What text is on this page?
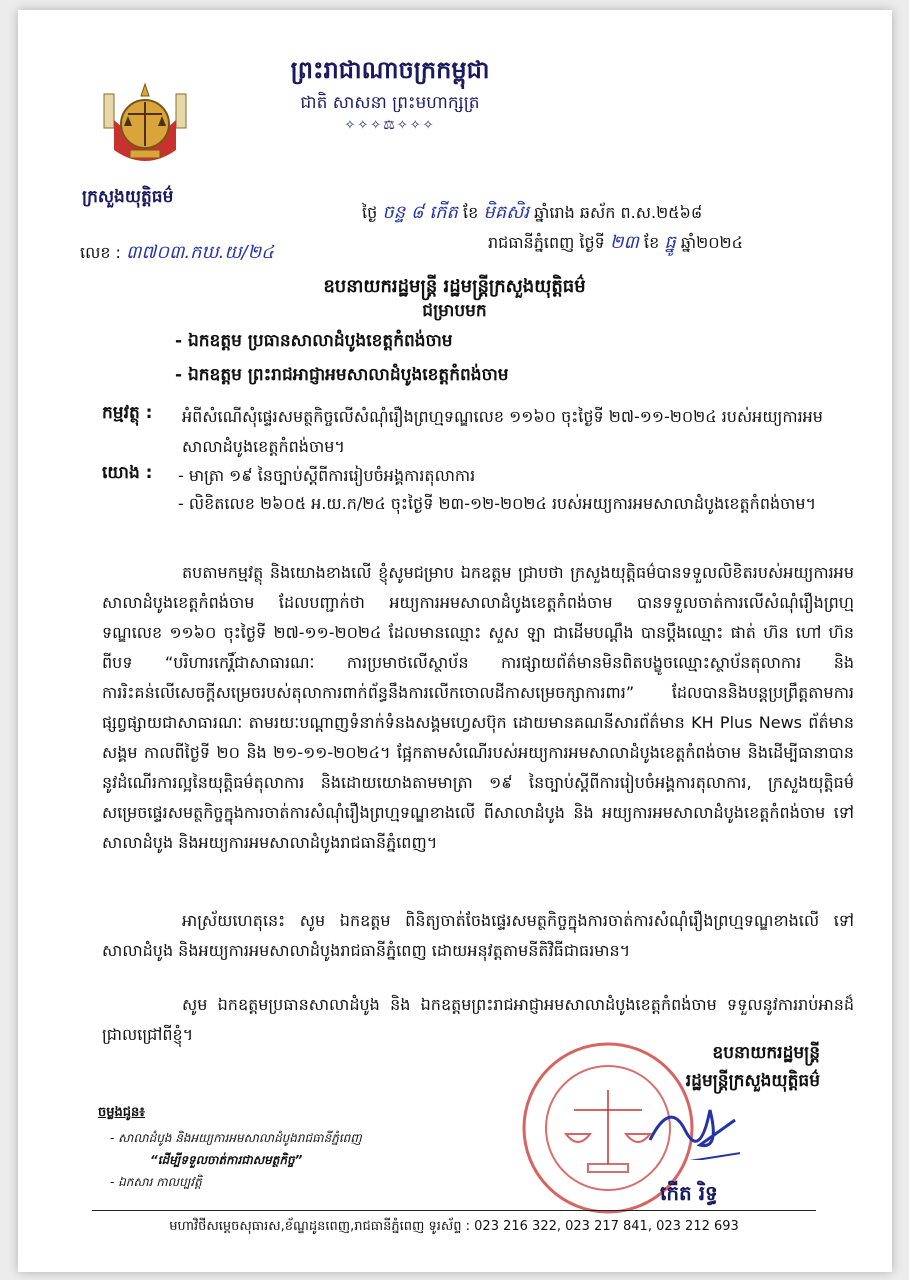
ព្រះរាជាណាចក្រកម្ពុជា
ជាតិ សាសនា ព្រះមហាក្សត្រ
✧✧✧⚖✧✧✧
ក្រសួងយុត្តិធម៌
ថ្ងៃ ចន្ទ ៨ កើត ខែ មិគសិរ ឆ្នាំរោង ឆស័ក ព.ស.២៥៦៨
រាជធានីភ្នំពេញ ថ្ងៃទី ២៣ ខែ ធ្នូ ឆ្នាំ២០២៤
លេខ : ៣៧០៣.កឃ.យ/២៤
ឧបនាយករដ្ឋមន្ត្រី រដ្ឋមន្ត្រីក្រសួងយុត្តិធម៌
ជម្រាបមក
- ឯកឧត្តម ប្រធានសាលាដំបូងខេត្តកំពង់ចាម
- ឯកឧត្តម ព្រះរាជអាជ្ញាអមសាលាដំបូងខេត្តកំពង់ចាម
កម្មវត្ថុ : អំពីសំណើសុំផ្ទេរសមត្ថកិច្ចលើសំណុំរឿងព្រហ្មទណ្ឌលេខ ១១៦០ ចុះថ្ងៃទី ២៧-១១-២០២៤ របស់អយ្យការអមសាលាដំបូងខេត្តកំពង់ចាម។
យោង : - មាត្រា ១៩ នៃច្បាប់ស្តីពីការរៀបចំអង្គការតុលាការ
- លិខិតលេខ ២៦០៥ អ.យ.ក/២៤ ចុះថ្ងៃទី ២៣-១២-២០២៤ របស់អយ្យការអមសាលាដំបូងខេត្តកំពង់ចាម។
តបតាមកម្មវត្ថុ និងយោងខាងលើ ខ្ញុំសូមជម្រាប ឯកឧត្តម ជ្រាបថា ក្រសួងយុត្តិធម៌បានទទួលលិខិតរបស់អយ្យការអមសាលាដំបូងខេត្តកំពង់ចាម ដែលបញ្ជាក់ថា អយ្យការអមសាលាដំបូងខេត្តកំពង់ចាម បានទទួលចាត់ការលើសំណុំរឿងព្រហ្មទណ្ឌលេខ ១១៦០ ចុះថ្ងៃទី ២៧-១១-២០២៤ ដែលមានឈ្មោះ សួស ឡា ជាដើមបណ្តឹង បានប្តឹងឈ្មោះ ផាត់ ហ៊ន ហៅ ហ៊ន ពីបទ “បរិហារកេរ្តិ៍ជាសាធារណៈ ការប្រមាថលើស្ថាប័ន ការផ្សាយព័ត៌មានមិនពិតបង្ខូចឈ្មោះស្ថាប័នតុលាការ និងការរិះគន់លើសេចក្តីសម្រេចរបស់តុលាការពាក់ព័ន្ធនឹងការលើកចោលដីកាសម្រេចក្សាការពារ” ដែលបាននិងបន្តប្រព្រឹត្តតាមការផ្សព្វផ្សាយជាសាធារណៈ តាមរយៈបណ្តាញទំនាក់ទំនងសង្គមហ្វេសប៊ុក ដោយមានគណនីសារព័ត៌មាន KH Plus News ព័ត៌មានសង្គម កាលពីថ្ងៃទី ២០ និង ២១-១១-២០២៤។ ផ្អែកតាមសំណើរបស់អយ្យការអមសាលាដំបូងខេត្តកំពង់ចាម និងដើម្បីធានាបាននូវដំណើរការល្អនៃយុត្តិធម៌តុលាការ និងដោយយោងតាមមាត្រា ១៩ នៃច្បាប់ស្តីពីការរៀបចំអង្គការតុលាការ, ក្រសួងយុត្តិធម៌សម្រេចផ្ទេរសមត្ថកិច្ចក្នុងការចាត់ការសំណុំរឿងព្រហ្មទណ្ឌខាងលើ ពីសាលាដំបូង និង អយ្យការអមសាលាដំបូងខេត្តកំពង់ចាម ទៅសាលាដំបូង និងអយ្យការអមសាលាដំបូងរាជធានីភ្នំពេញ។
អាស្រ័យហេតុនេះ សូម ឯកឧត្តម ពិនិត្យចាត់ចែងផ្ទេរសមត្ថកិច្ចក្នុងការចាត់ការសំណុំរឿងព្រហ្មទណ្ឌខាងលើ ទៅសាលាដំបូង និងអយ្យការអមសាលាដំបូងរាជធានីភ្នំពេញ ដោយអនុវត្តតាមនីតិវិធីជាធរមាន។
សូម ឯកឧត្តមប្រធានសាលាដំបូង និង ឯកឧត្តមព្រះរាជអាជ្ញាអមសាលាដំបូងខេត្តកំពង់ចាម ទទួលនូវការរាប់អានដ៏ជ្រាលជ្រៅពីខ្ញុំ។
ឧបនាយករដ្ឋមន្ត្រី
រដ្ឋមន្ត្រីក្រសួងយុត្តិធម៌
កើត រិទ្ធ
ចម្លងជូន៖
- សាលាដំបូង និងអយ្យការអមសាលាដំបូងរាជធានីភ្នំពេញ
“ដើម្បីទទួលចាត់ការជាសមត្ថកិច្ច”
- ឯកសារ កាលប្បវត្តិ
មហាវិថីសម្តេចសុធារស,ខ័ណ្ឌដូនពេញ,រាជធានីភ្នំពេញ ទូរស័ព្ទ : 023 216 322, 023 217 841, 023 212 693
